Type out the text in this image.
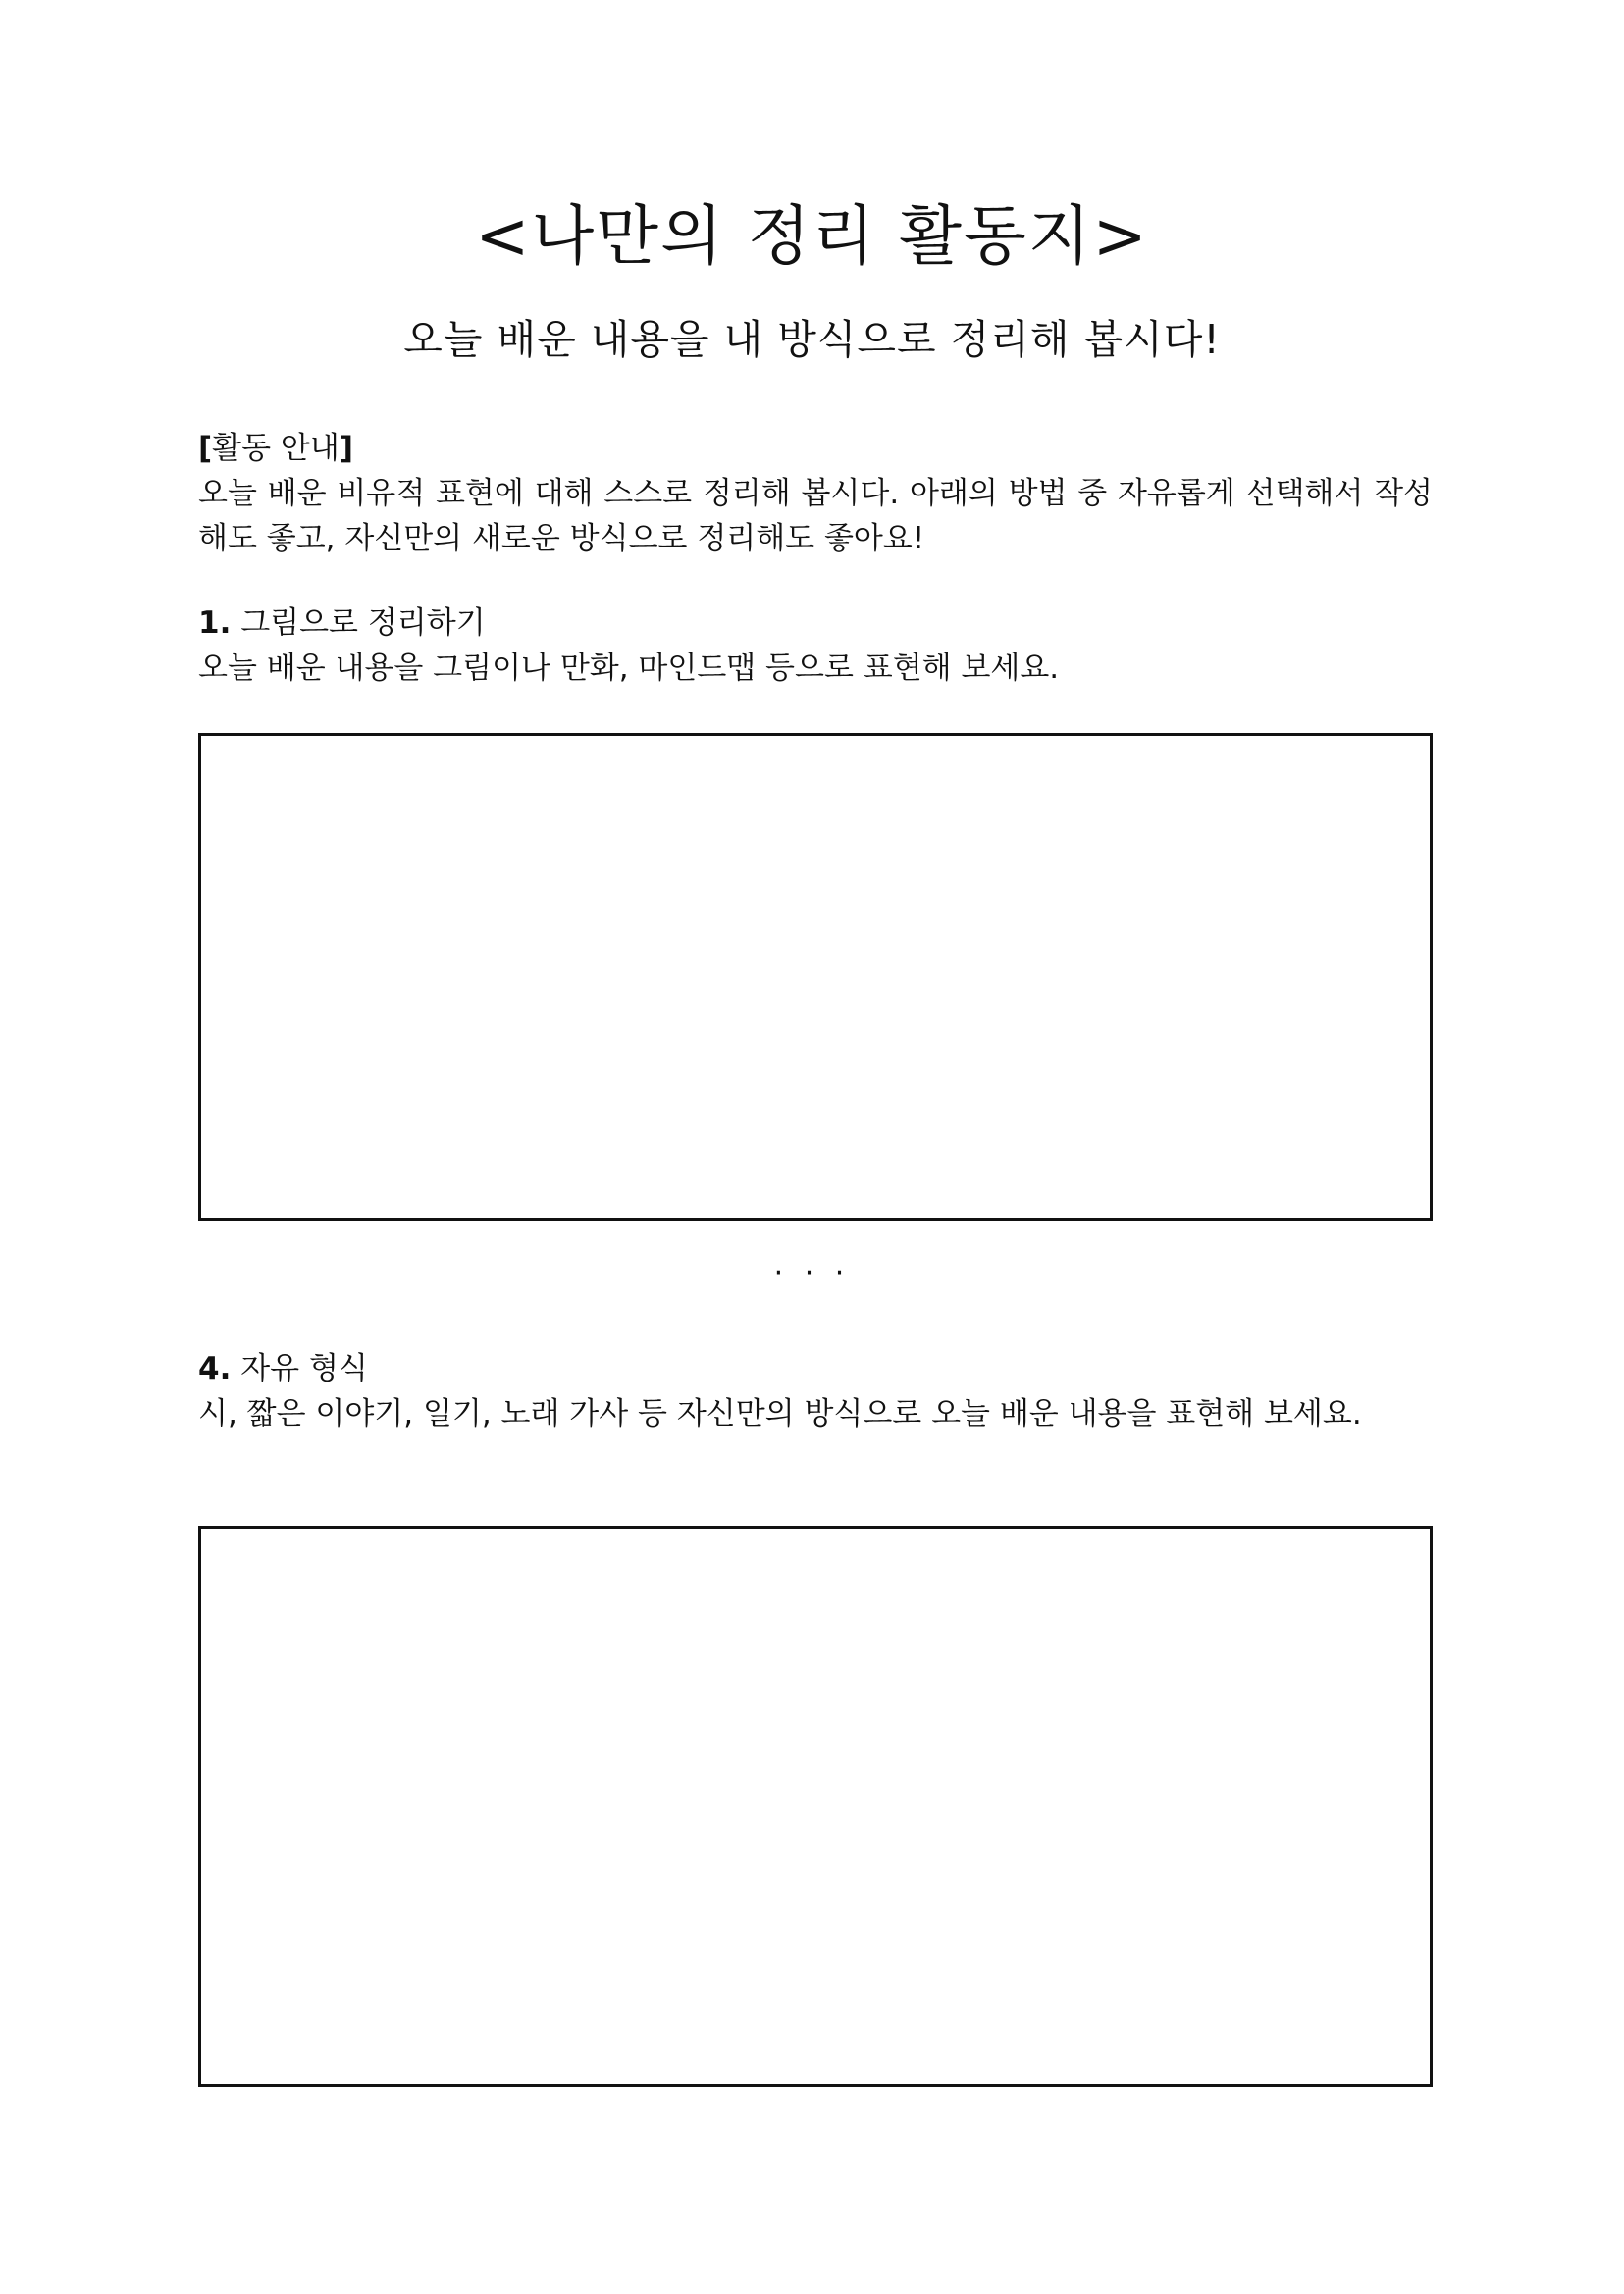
<나만의 정리 활동지>
오늘 배운 내용을 내 방식으로 정리해 봅시다!

[활동 안내]

오늘 배운 비유적 표현에 대해 스스로 정리해 봅시다. 아래의 방법 중 자유롭게 선택해서 작성해도 좋고, 자신만의 새로운 방식으로 정리해도 좋아요!

1. 그림으로 정리하기

오늘 배운 내용을 그림이나 만화, 마인드맵 등으로 표현해 보세요.

· · ·

4. 자유 형식

시, 짧은 이야기, 일기, 노래 가사 등 자신만의 방식으로 오늘 배운 내용을 표현해 보세요.
